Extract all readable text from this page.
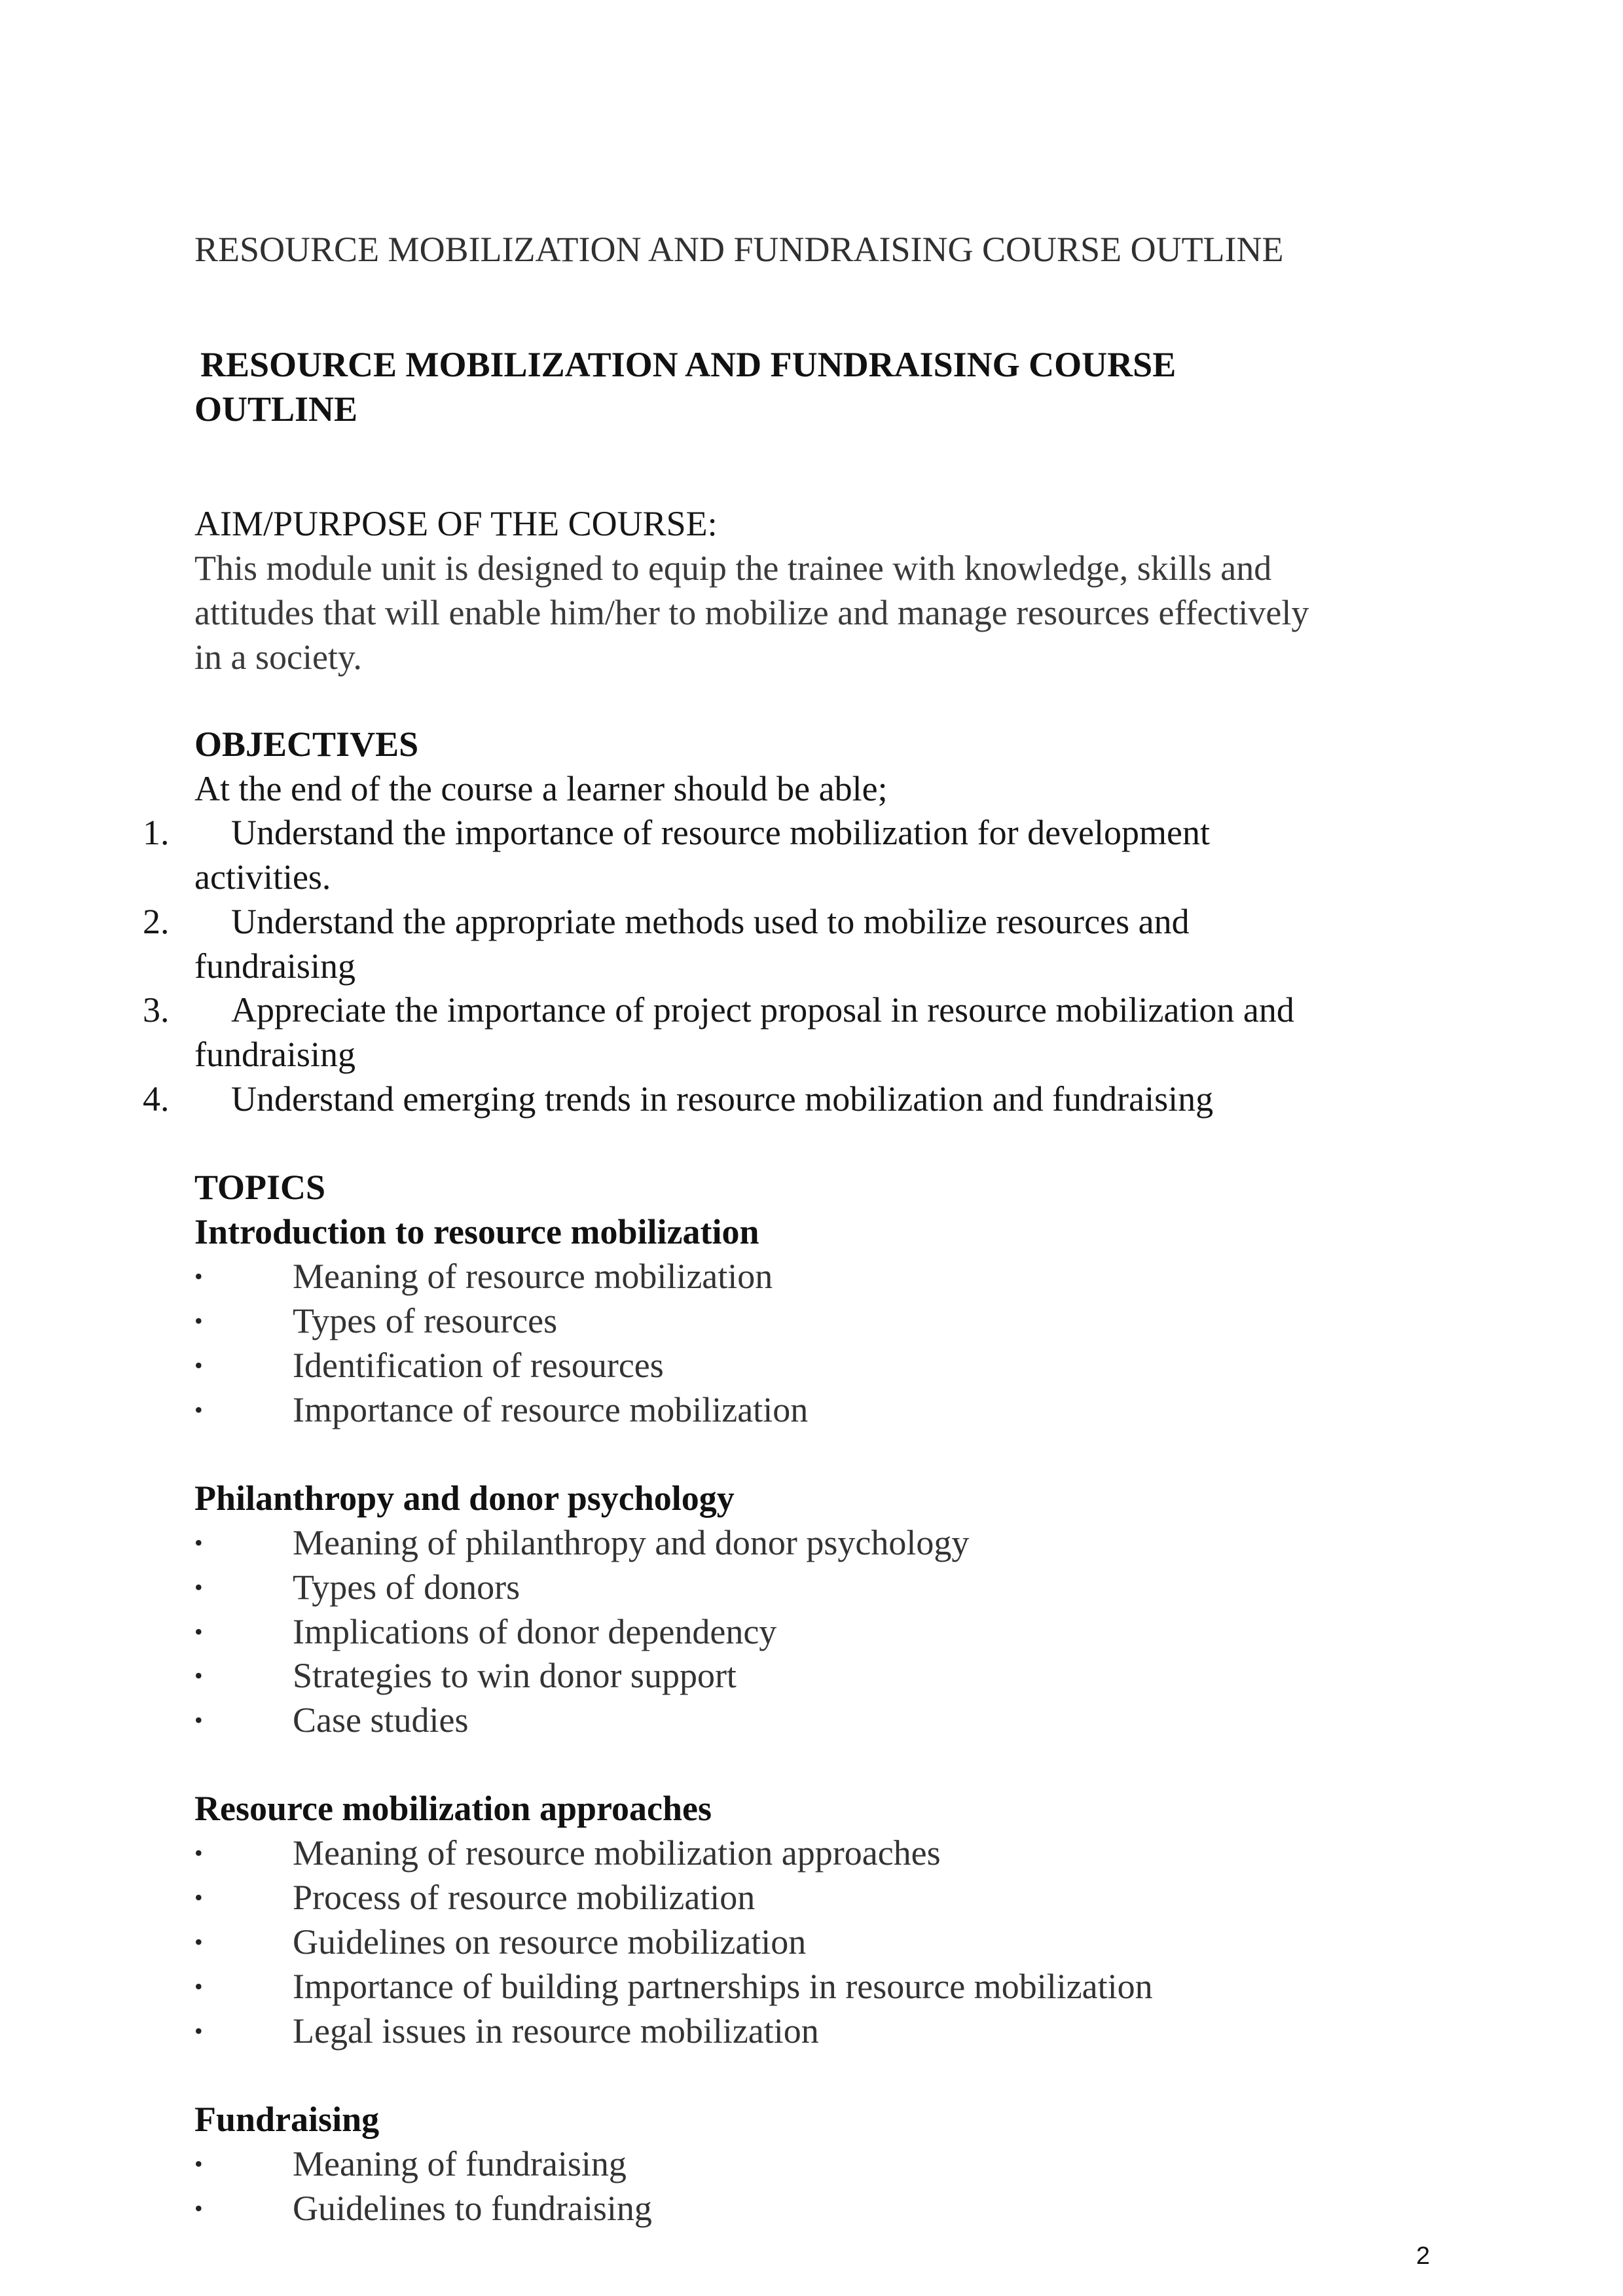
RESOURCE MOBILIZATION AND FUNDRAISING COURSE OUTLINE
RESOURCE MOBILIZATION AND FUNDRAISING COURSE
OUTLINE
AIM/PURPOSE OF THE COURSE:
This module unit is designed to equip the trainee with knowledge, skills and
attitudes that will enable him/her to mobilize and manage resources effectively
in a society.
OBJECTIVES
At the end of the course a learner should be able;
1. Understand the importance of resource mobilization for development
activities.
2. Understand the appropriate methods used to mobilize resources and
fundraising
3. Appreciate the importance of project proposal in resource mobilization and
fundraising
4. Understand emerging trends in resource mobilization and fundraising
TOPICS
Introduction to resource mobilization
•	Meaning of resource mobilization
•	Types of resources
•	Identification of resources
•	Importance of resource mobilization
Philanthropy and donor psychology
•	Meaning of philanthropy and donor psychology
•	Types of donors
•	Implications of donor dependency
•	Strategies to win donor support
•	Case studies
Resource mobilization approaches
•	Meaning of resource mobilization approaches
•	Process of resource mobilization
•	Guidelines on resource mobilization
•	Importance of building partnerships in resource mobilization
•	Legal issues in resource mobilization
Fundraising
•	Meaning of fundraising
•	Guidelines to fundraising
2
